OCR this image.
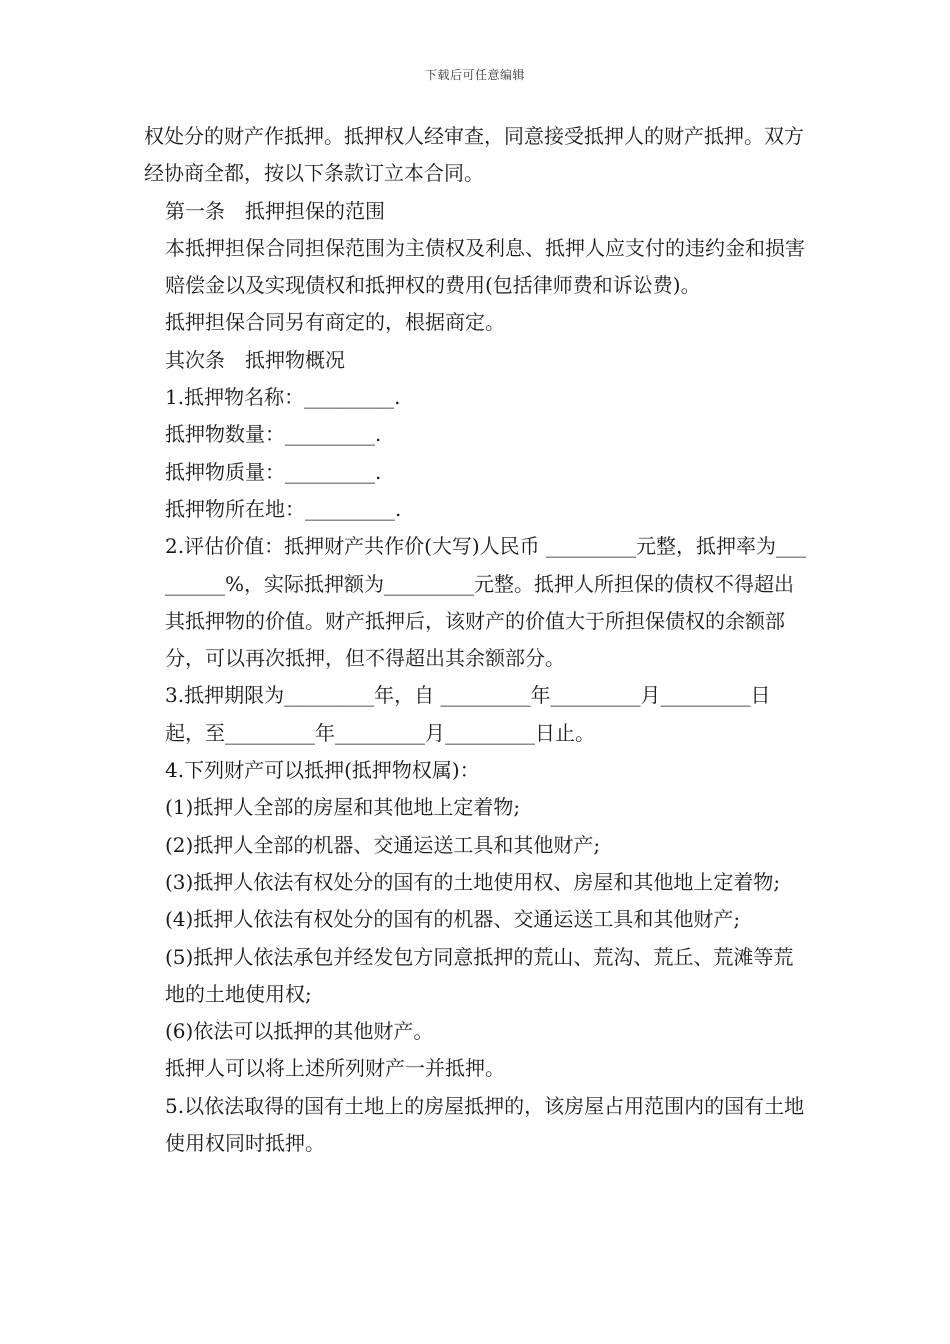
下载后可任意编辑

权处分的财产作抵押。抵押权人经审查，同意接受抵押人的财产抵押。双方经协商全都，按以下条款订立本合同。

第一条　抵押担保的范围

本抵押担保合同担保范围为主债权及利息、抵押人应支付的违约金和损害赔偿金以及实现债权和抵押权的费用(包括律师费和诉讼费)。

抵押担保合同另有商定的，根据商定。

其次条　抵押物概况

1.抵押物名称：_________.

抵押物数量：_________.

抵押物质量：_________.

抵押物所在地：_________.

2.评估价值：抵押财产共作价(大写)人民币 _________元整，抵押率为_________%，实际抵押额为_________元整。抵押人所担保的债权不得超出其抵押物的价值。财产抵押后，该财产的价值大于所担保债权的余额部分，可以再次抵押，但不得超出其余额部分。

3.抵押期限为_________年，自 _________年_________月_________日起，至_________年_________月_________日止。

4.下列财产可以抵押(抵押物权属)：

(1)抵押人全部的房屋和其他地上定着物;

(2)抵押人全部的机器、交通运送工具和其他财产;

(3)抵押人依法有权处分的国有的土地使用权、房屋和其他地上定着物;

(4)抵押人依法有权处分的国有的机器、交通运送工具和其他财产;

(5)抵押人依法承包并经发包方同意抵押的荒山、荒沟、荒丘、荒滩等荒地的土地使用权;

(6)依法可以抵押的其他财产。

抵押人可以将上述所列财产一并抵押。

5.以依法取得的国有土地上的房屋抵押的，该房屋占用范围内的国有土地使用权同时抵押。
